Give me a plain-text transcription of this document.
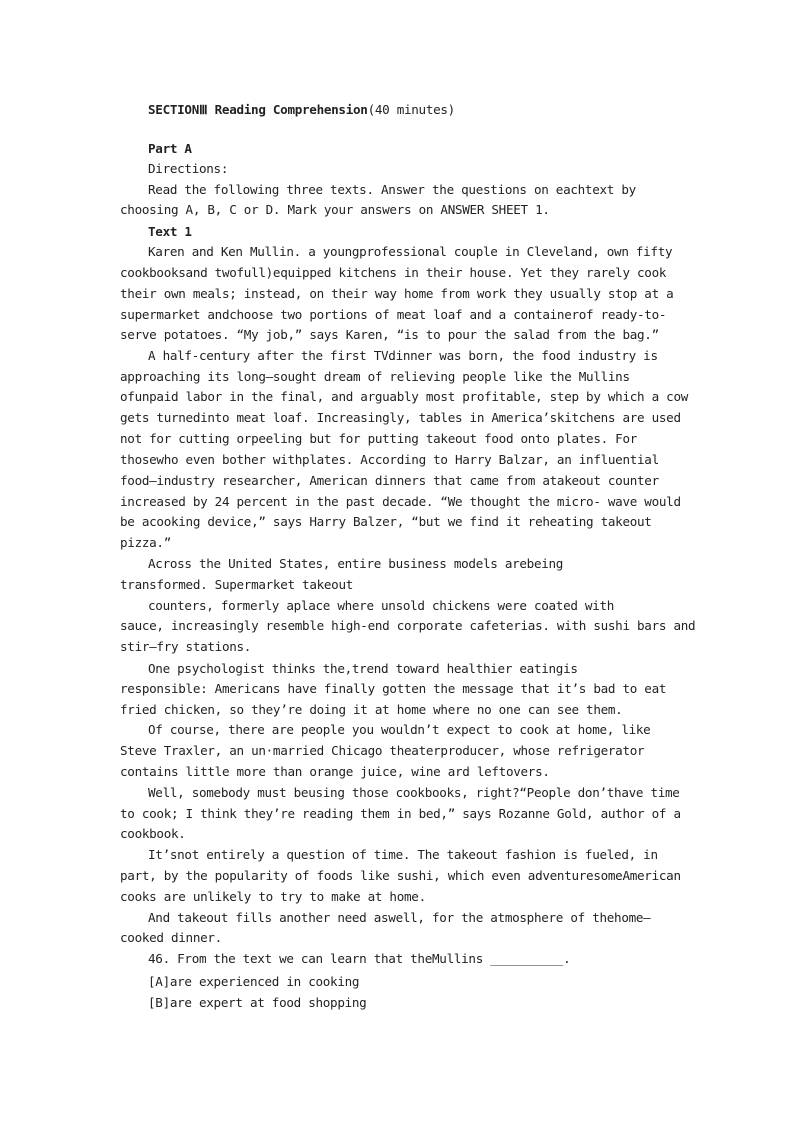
SECTIONⅢ Reading Comprehension(40 minutes)
Part A
Directions:
Read the following three texts. Answer the questions on eachtext by
choosing A, B, C or D. Mark your answers on ANSWER SHEET 1.
Text 1
Karen and Ken Mullin. a youngprofessional couple in Cleveland, own fifty
cookbooksand twofull)equipped kitchens in their house. Yet they rarely cook
their own meals; instead, on their way home from work they usually stop at a
supermarket andchoose two portions of meat loaf and a containerof ready-to-
serve potatoes. “My job,” says Karen, “is to pour the salad from the bag.”
A half-century after the first TVdinner was born, the food industry is
approaching its long—sought dream of relieving people like the Mullins
ofunpaid labor in the final, and arguably most profitable, step by which a cow
gets turnedinto meat loaf. Increasingly, tables in America’skitchens are used
not for cutting orpeeling but for putting takeout food onto plates. For
thosewho even bother withplates. According to Harry Balzar, an influential
food—industry researcher, American dinners that came from atakeout counter
increased by 24 percent in the past decade. “We thought the micro- wave would
be acooking device,” says Harry Balzer, “but we find it reheating takeout
pizza.”
Across the United States, entire business models arebeing
transformed. Supermarket takeout
counters, formerly aplace where unsold chickens were coated with
sauce, increasingly resemble high-end corporate cafeterias. with sushi bars and
stir—fry stations.
One psychologist thinks the,trend toward healthier eatingis
responsible: Americans have finally gotten the message that it’s bad to eat
fried chicken, so they’re doing it at home where no one can see them.
Of course, there are people you wouldn’t expect to cook at home, like
Steve Traxler, an un·married Chicago theaterproducer, whose refrigerator
contains little more than orange juice, wine ard leftovers.
Well, somebody must beusing those cookbooks, right?“People don’thave time
to cook; I think they’re reading them in bed,” says Rozanne Gold, author of a
cookbook.
It’snot entirely a question of time. The takeout fashion is fueled, in
part, by the popularity of foods like sushi, which even adventuresomeAmerican
cooks are unlikely to try to make at home.
And takeout fills another need aswell, for the atmosphere of thehome—
cooked dinner.
46. From the text we can learn that theMullins __________.
[A]are experienced in cooking
[B]are expert at food shopping
